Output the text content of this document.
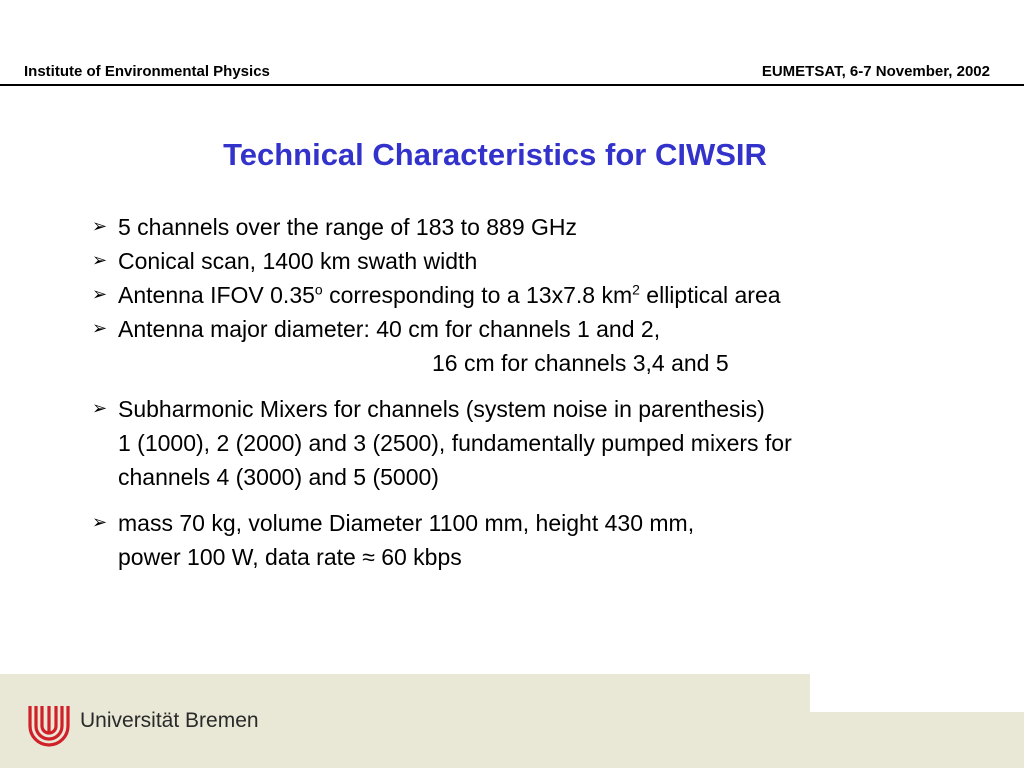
Institute of Environmental Physics	EUMETSAT, 6-7 November, 2002
Technical Characteristics for CIWSIR
➢ 5 channels over the range of 183 to 889 GHz
➢ Conical scan, 1400 km swath width
➢ Antenna IFOV 0.35$^o$ corresponding to a 13x7.8 $km^2$ elliptical area
➢ Antenna major diameter: 40 cm for channels 1 and 2,
16 cm for channels 3,4 and 5
➢ Subharmonic Mixers for channels (system noise in parenthesis)
1 (1000), 2 (2000) and 3 (2500), fundamentally pumped mixers for
channels 4 (3000) and 5 (5000)
➢ mass 70 kg, volume Diameter 1100 mm, height 430 mm,
power 100 W, data rate ≈ 60 kbps
Universität Bremen
